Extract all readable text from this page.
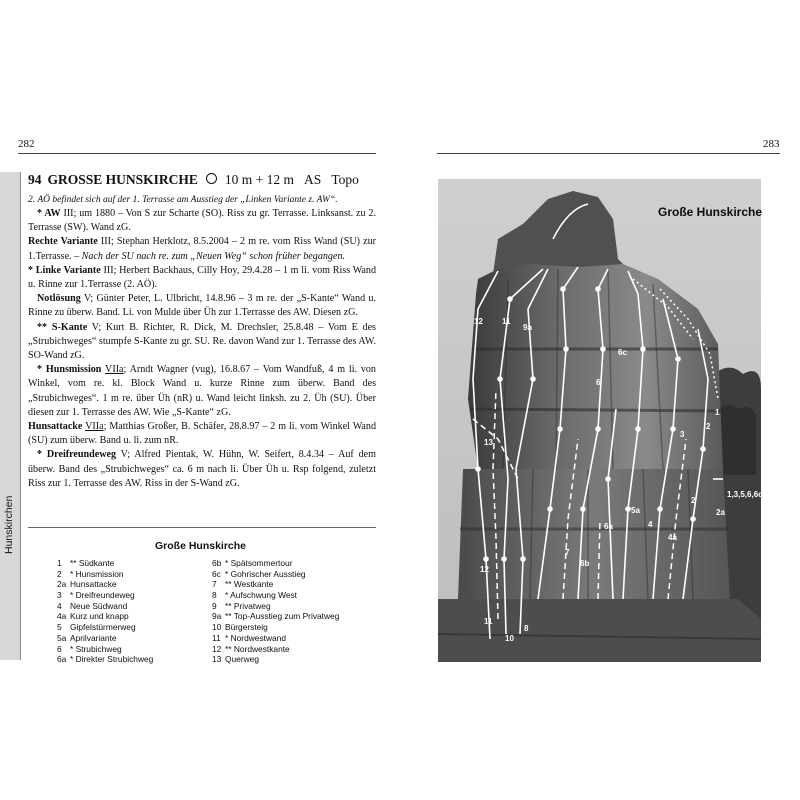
282	283
Hunskirchen
94 GROSSE HUNSKIRCHE 10 m + 12 m AS Topo
2. AÖ befindet sich auf der 1. Terrasse am Ausstieg der „Linken Variante z. AW“.

* AW III; um 1880 – Von S zur Scharte (SO). Riss zu gr. Terrasse. Linksanst. zu 2. Terrasse (SW). Wand zG.

Rechte Variante III; Stephan Herklotz, 8.5.2004 – 2 m re. vom Riss Wand (SU) zur 1.Terrasse. – Nach der SU nach re. zum „Neuen Weg“ schon früher begangen.

* Linke Variante III; Herbert Backhaus, Cilly Hoy, 29.4.28 – 1 m li. vom Riss Wand u. Rinne zur 1.Terrasse (2. AÖ).

Notlösung V; Günter Peter, L. Ulbricht, 14.8.96 – 3 m re. der „S-Kante“ Wand u. Rinne zu überw. Band. Li. von Mulde über Üh zur 1.Terrasse des AW. Diesen zG.

** S-Kante V; Kurt B. Richter, R. Dick, M. Drechsler, 25.8.48 – Vom E des „Strubichweges“ stumpfe S-Kante zu gr. SU. Re. davon Wand zur 1. Terrasse des AW. SO-Wand zG.

* Hunsmission VIIa; Arndt Wagner (vug), 16.8.67 – Vom Wandfuß, 4 m li. von Winkel, vom re. kl. Block Wand u. kurze Rinne zum überw. Band des „Strubichweges“. 1 m re. über Üh (nR) u. Wand leicht linksh. zu 2. Üh (SU). Über diesen zur 1. Terrasse des AW. Wie „S-Kante“ zG.

Hunsattacke VIIa; Matthias Großer, B. Schäfer, 28.8.97 – 2 m li. vom Winkel Wand (SU) zum überw. Band u. li. zum nR.

* Dreifreundeweg V; Alfred Pientak, W. Hühn, W. Seifert, 8.4.34 – Auf dem überw. Band des „Strubichweges“ ca. 6 m nach li. Über Üh u. Rsp folgend, zuletzt Riss zur 1. Terrasse des AW. Riss in der S-Wand zG.

Große Hunskirche
1 ** Südkante
2 * Hunsmission
2a Hunsattacke
3 * Dreifreundeweg
4 Neue Südwand
4a Kurz und knapp
5 Gipfelstürmerweg
5a Aprilvariante
6 * Strubichweg
6a * Direkter Strubichweg
6b * Spätsommertour
6c * Gohrischer Ausstieg
7 ** Westkante
8 * Aufschwung West
9 ** Privatweg
9a ** Top-Ausstieg zum Privatweg
10 Bürgersteig
11 * Nordwestwand
12 ** Nordwestkante
13 Querweg
Große Hunskirche
12 11
9a
13
6c
6
1
2
3
1,3,5,6,6c
2
2a
5a
4
4a
6a
6b
7
12
11
10
8
